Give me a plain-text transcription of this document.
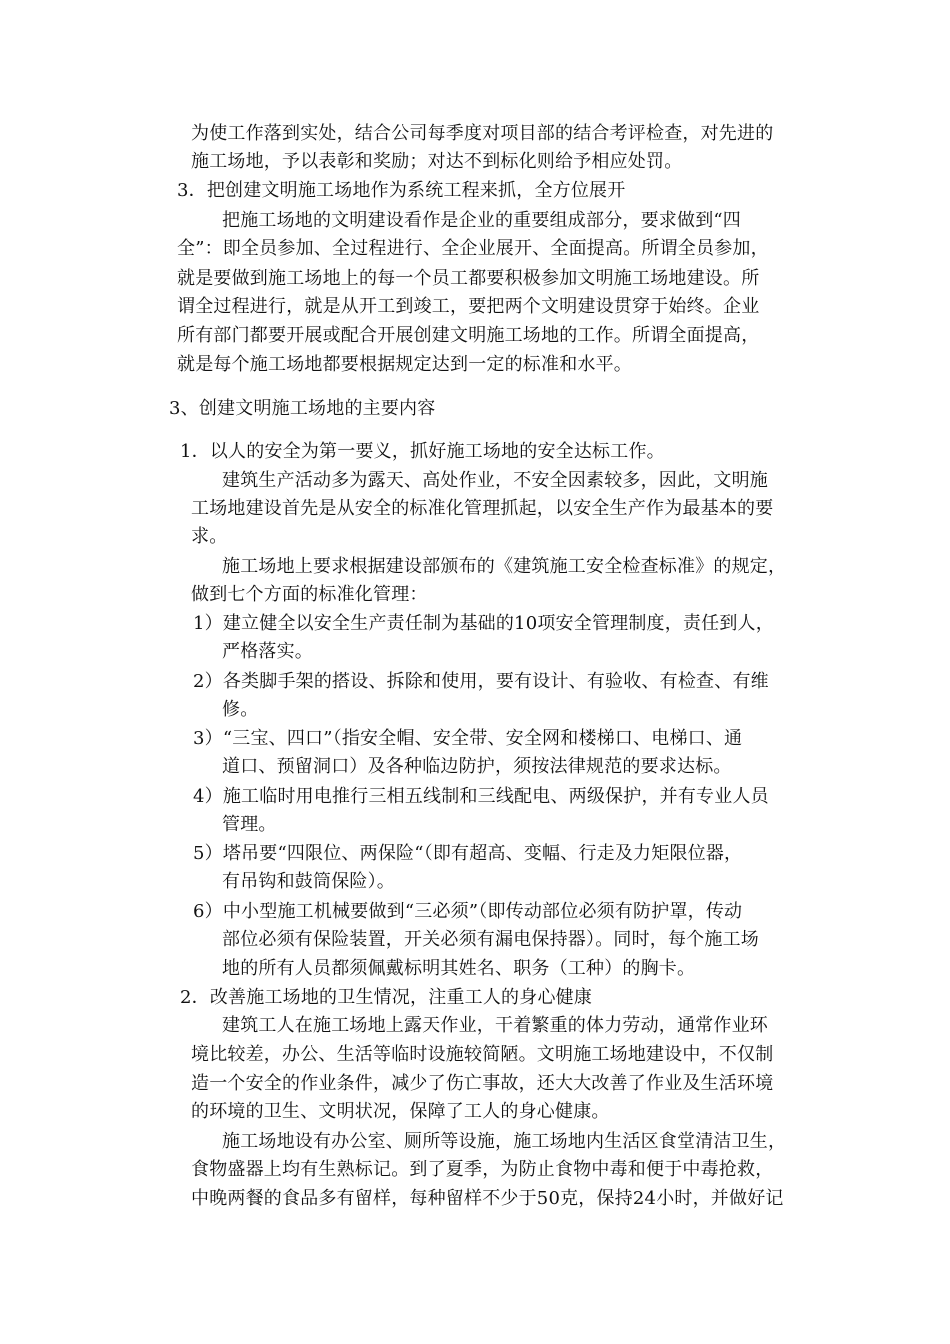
为使工作落到实处，结合公司每季度对项目部的结合考评检查，对先进的
施工场地，予以表彰和奖励；对达不到标化则给予相应处罚。
3．把创建文明施工场地作为系统工程来抓，全方位展开
把施工场地的文明建设看作是企业的重要组成部分，要求做到“四
全”：即全员参加、全过程进行、全企业展开、全面提高。所谓全员参加，
就是要做到施工场地上的每一个员工都要积极参加文明施工场地建设。所
谓全过程进行，就是从开工到竣工，要把两个文明建设贯穿于始终。企业
所有部门都要开展或配合开展创建文明施工场地的工作。所谓全面提高，
就是每个施工场地都要根据规定达到一定的标准和水平。
3、创建文明施工场地的主要内容
1．以人的安全为第一要义，抓好施工场地的安全达标工作。
建筑生产活动多为露天、高处作业，不安全因素较多，因此，文明施
工场地建设首先是从安全的标准化管理抓起，以安全生产作为最基本的要
求。
施工场地上要求根据建设部颁布的《建筑施工安全检查标准》的规定，
做到七个方面的标准化管理：
1）建立健全以安全生产责任制为基础的10项安全管理制度，责任到人，
严格落实。
2）各类脚手架的搭设、拆除和使用，要有设计、有验收、有检查、有维
修。
3）“三宝、四口”（指安全帽、安全带、安全网和楼梯口、电梯口、通
道口、预留洞口）及各种临边防护，须按法律规范的要求达标。
4）施工临时用电推行三相五线制和三线配电、两级保护，并有专业人员
管理。
5）塔吊要“四限位、两保险“（即有超高、变幅、行走及力矩限位器，
有吊钩和鼓筒保险）。
6）中小型施工机械要做到“三必须”（即传动部位必须有防护罩，传动
部位必须有保险装置，开关必须有漏电保持器）。同时，每个施工场
地的所有人员都须佩戴标明其姓名、职务（工种）的胸卡。
2．改善施工场地的卫生情况，注重工人的身心健康
建筑工人在施工场地上露天作业，干着繁重的体力劳动，通常作业环
境比较差，办公、生活等临时设施较简陋。文明施工场地建设中，不仅制
造一个安全的作业条件，减少了伤亡事故，还大大改善了作业及生活环境
的环境的卫生、文明状况，保障了工人的身心健康。
施工场地设有办公室、厕所等设施，施工场地内生活区食堂清洁卫生，
食物盛器上均有生熟标记。到了夏季，为防止食物中毒和便于中毒抢救，
中晚两餐的食品多有留样，每种留样不少于50克，保持24小时，并做好记
